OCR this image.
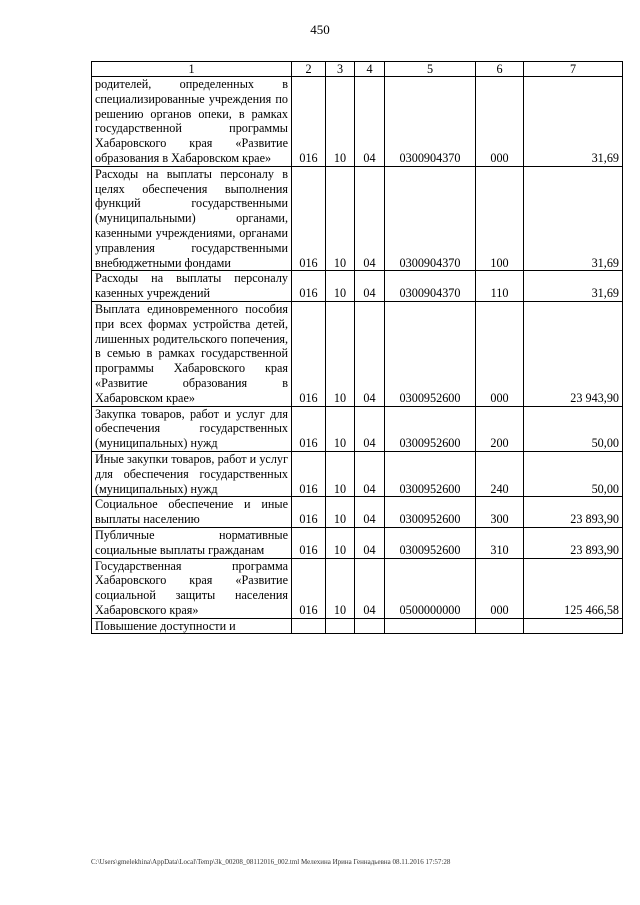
450
1	2	3	4	5	6	7
родителей, определенных в специализированные учреждения по решению органов опеки, в рамках государственной программы Хабаровского края «Развитие образования в Хабаровском крае»	016	10	04	0300904370	000	31,69
Расходы на выплаты персоналу в целях обеспечения выполнения функций государственными (муниципальными) органами, казенными учреждениями, органами управления государственными внебюджетными фондами	016	10	04	0300904370	100	31,69
Расходы на выплаты персоналу казенных учреждений	016	10	04	0300904370	110	31,69
Выплата единовременного пособия при всех формах устройства детей, лишенных родительского попечения, в семью в рамках государственной программы Хабаровского края «Развитие образования в Хабаровском крае»	016	10	04	0300952600	000	23 943,90
Закупка товаров, работ и услуг для обеспечения государственных (муниципальных) нужд	016	10	04	0300952600	200	50,00
Иные закупки товаров, работ и услуг для обеспечения государственных (муниципальных) нужд	016	10	04	0300952600	240	50,00
Социальное обеспечение и иные выплаты населению	016	10	04	0300952600	300	23 893,90
Публичные нормативные социальные выплаты гражданам	016	10	04	0300952600	310	23 893,90
Государственная программа Хабаровского края «Развитие социальной защиты населения Хабаровского края»	016	10	04	0500000000	000	125 466,58
Повышение доступности и						
C:\Users\gmelekhina\AppData\Local\Temp\3k_00208_08112016_002.tml Мелехина Ирина Геннадьевна 08.11.2016 17:57:28
